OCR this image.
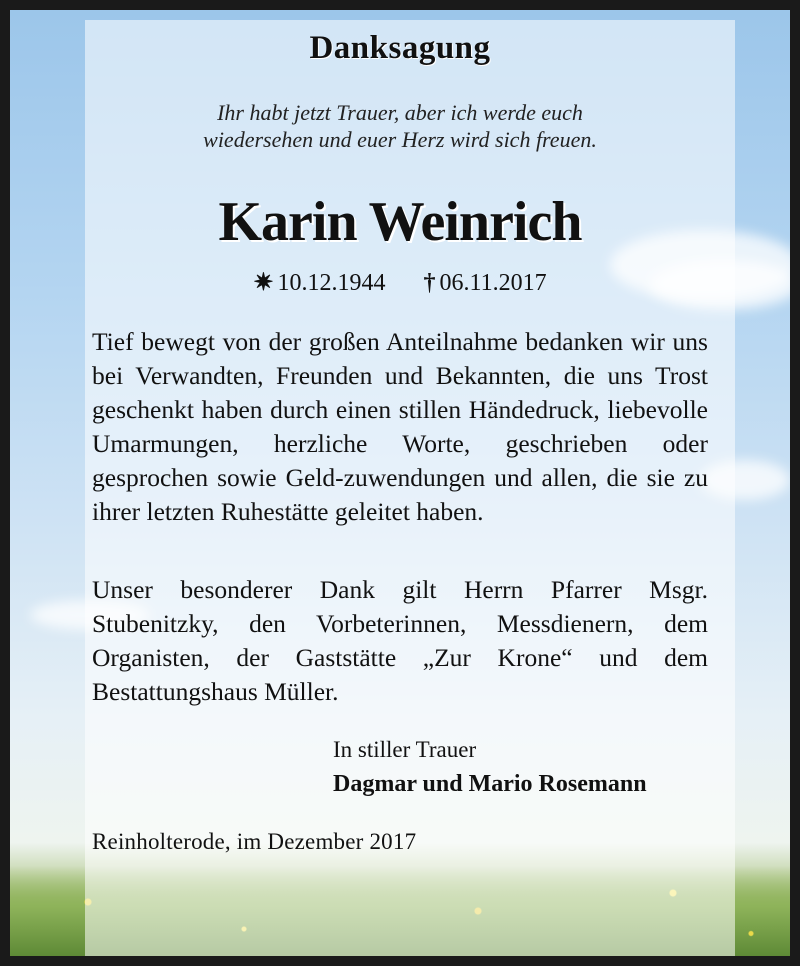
Danksagung
Ihr habt jetzt Trauer, aber ich werde euch
wiedersehen und euer Herz wird sich freuen.
Karin Weinrich
✷ 10.12.1944 † 06.11.2017
Tief bewegt von der großen Anteilnahme bedanken wir uns bei Verwandten, Freunden und Bekannten, die uns Trost geschenkt haben durch einen stillen Händedruck, liebevolle Umarmungen, herzliche Worte, geschrieben oder gesprochen sowie Geld-zuwendungen und allen, die sie zu ihrer letzten Ruhestätte geleitet haben.
Unser besonderer Dank gilt Herrn Pfarrer Msgr. Stubenitzky, den Vorbeterinnen, Messdienern, dem Organisten, der Gaststätte „Zur Krone“ und dem Bestattungshaus Müller.
In stiller Trauer
Dagmar und Mario Rosemann
Reinholterode, im Dezember 2017
